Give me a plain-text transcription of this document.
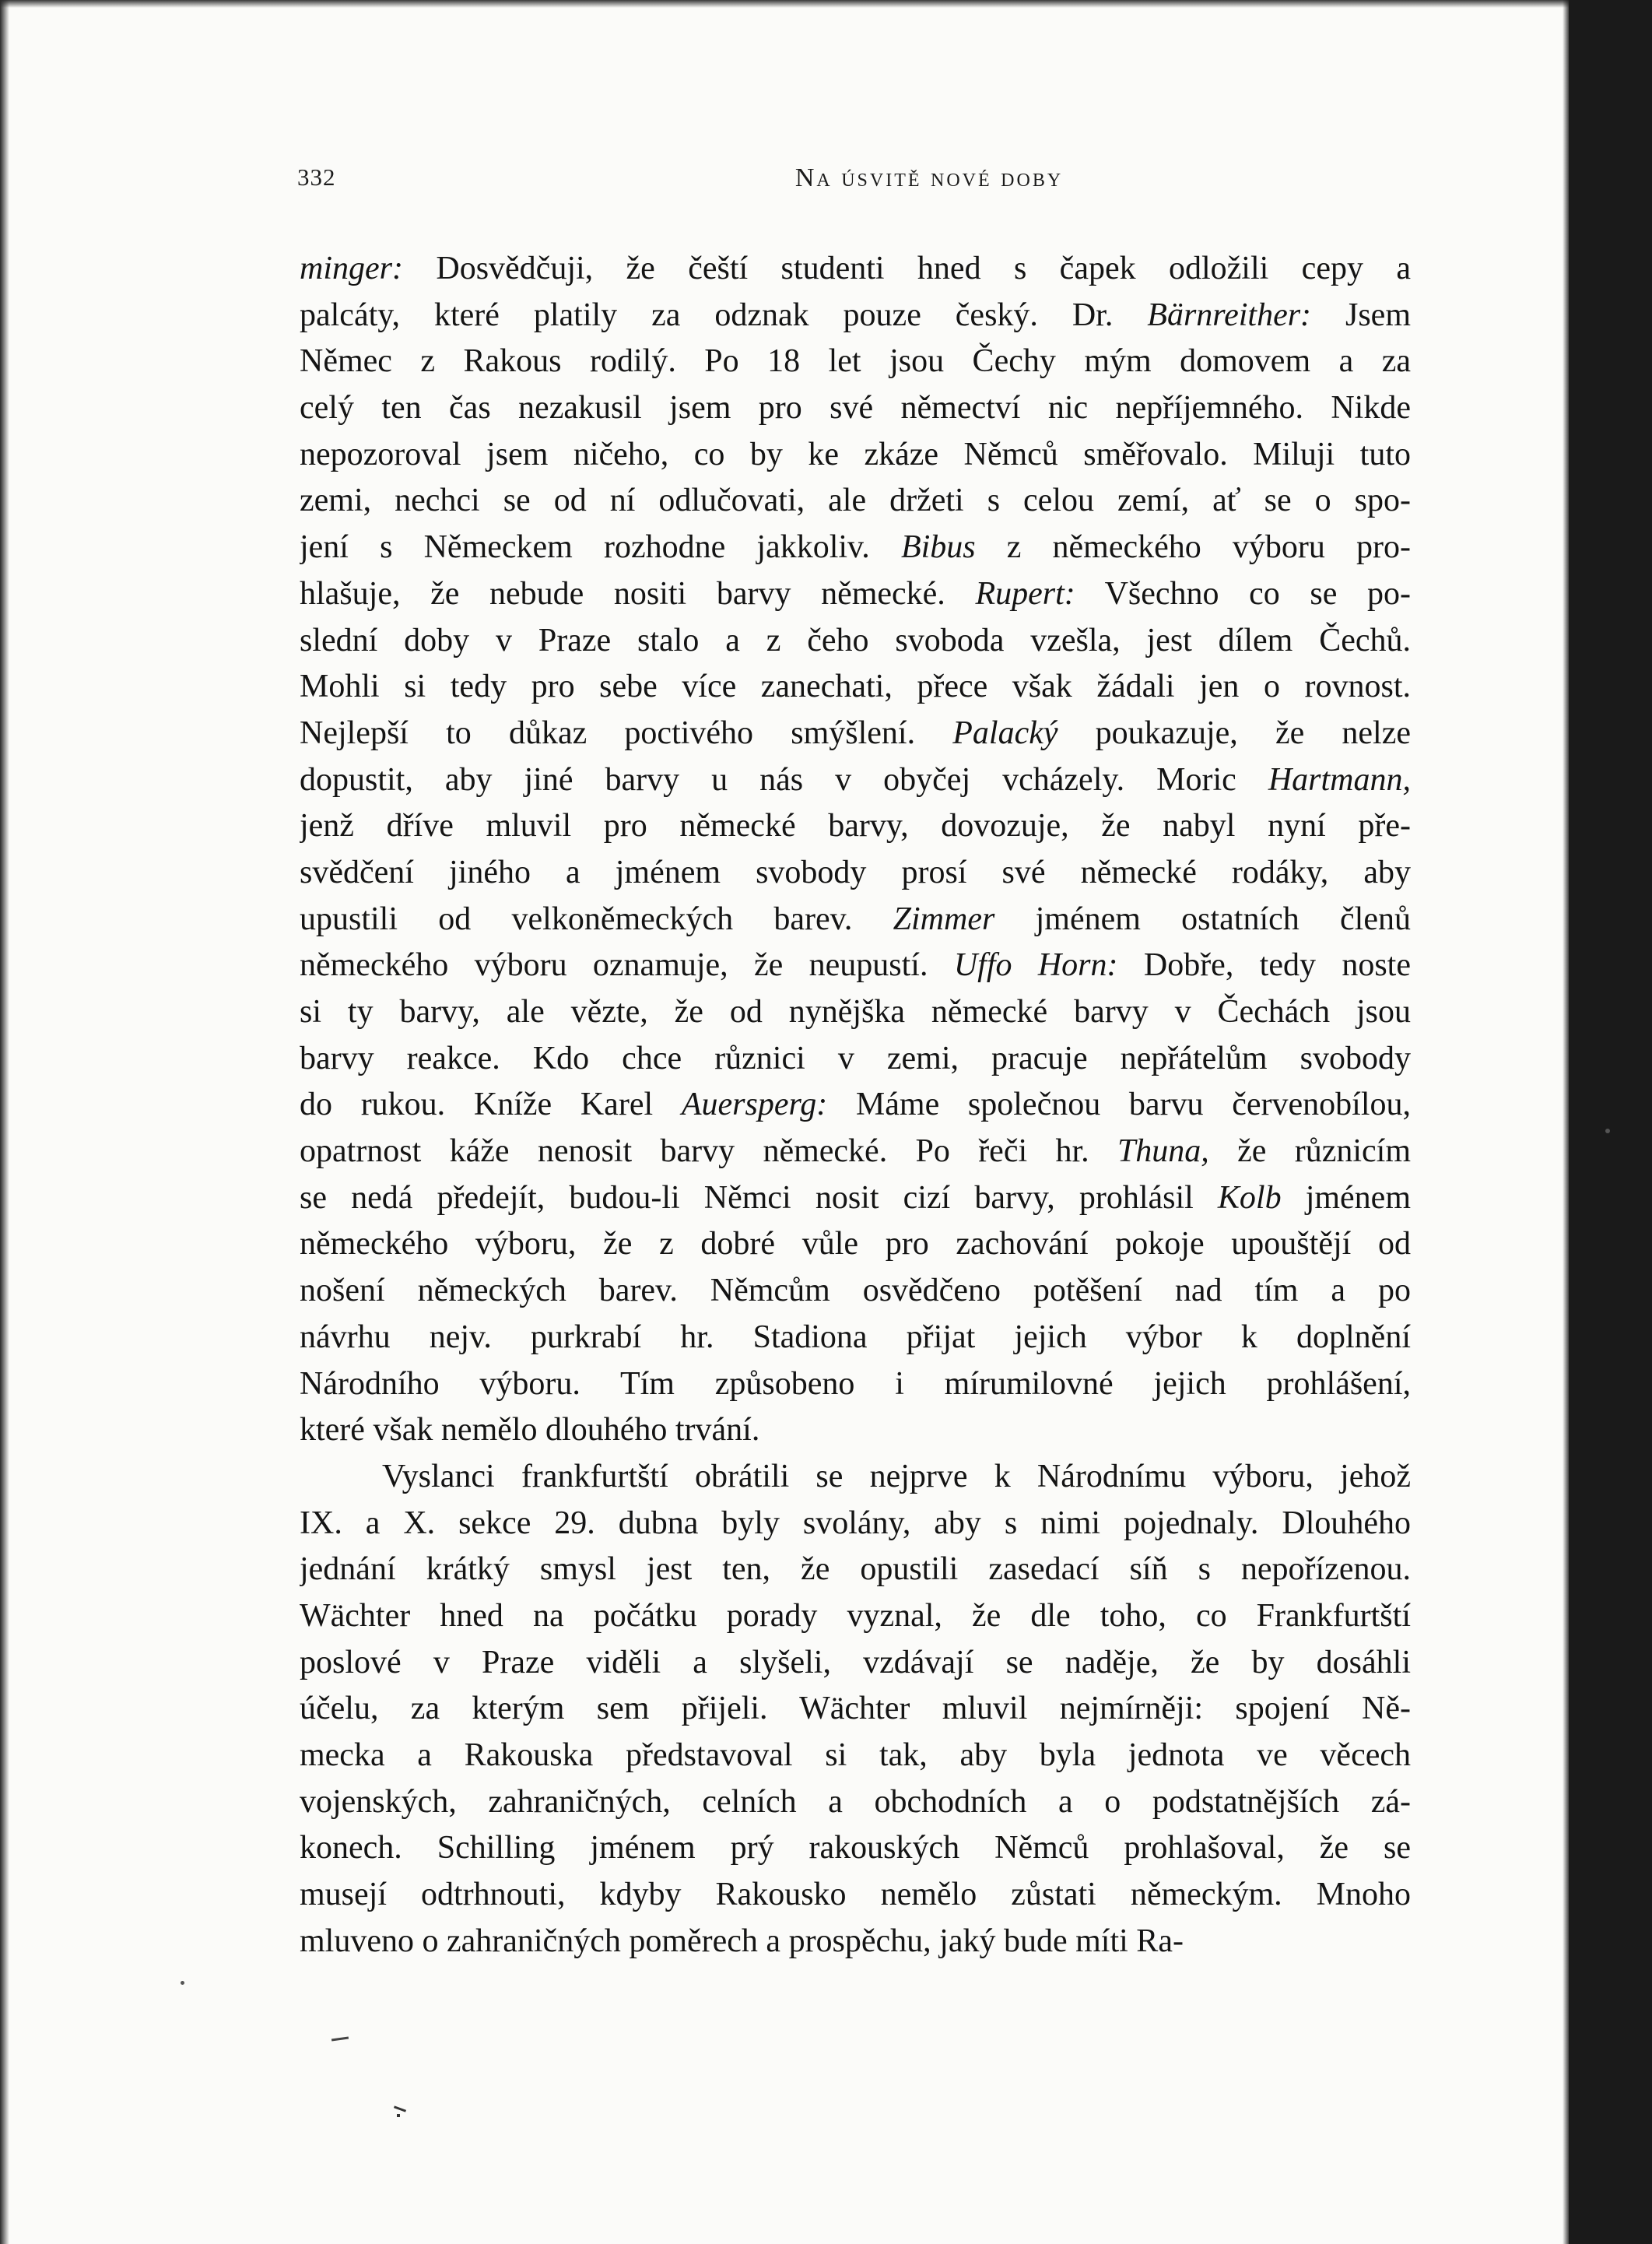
332	Na úsvitě nové doby

minger: Dosvědčuji, že čeští studenti hned s čapek odložili cepy a
palcáty, které platily za odznak pouze český. Dr. Bärnreither: Jsem
Němec z Rakous rodilý. Po 18 let jsou Čechy mým domovem a za
celý ten čas nezakusil jsem pro své němectví nic nepříjemného. Nikde
nepozoroval jsem ničeho, co by ke zkáze Němců směřovalo. Miluji tuto
zemi, nechci se od ní odlučovati, ale držeti s celou zemí, ať se o spo-
jení s Německem rozhodne jakkoliv. Bibus z německého výboru pro-
hlašuje, že nebude nositi barvy německé. Rupert: Všechno co se po-
slední doby v Praze stalo a z čeho svoboda vzešla, jest dílem Čechů.
Mohli si tedy pro sebe více zanechati, přece však žádali jen o rovnost.
Nejlepší to důkaz poctivého smýšlení. Palacký poukazuje, že nelze
dopustit, aby jiné barvy u nás v obyčej vcházely. Moric Hartmann,
jenž dříve mluvil pro německé barvy, dovozuje, že nabyl nyní pře-
svědčení jiného a jménem svobody prosí své německé rodáky, aby
upustili od velkoněmeckých barev. Zimmer jménem ostatních členů
německého výboru oznamuje, že neupustí. Uffo Horn: Dobře, tedy noste
si ty barvy, ale vězte, že od nynějška německé barvy v Čechách jsou
barvy reakce. Kdo chce různici v zemi, pracuje nepřátelům svobody
do rukou. Kníže Karel Auersperg: Máme společnou barvu červenobílou,
opatrnost káže nenosit barvy německé. Po řeči hr. Thuna, že různicím
se nedá předejít, budou-li Němci nosit cizí barvy, prohlásil Kolb jménem
německého výboru, že z dobré vůle pro zachování pokoje upouštějí od
nošení německých barev. Němcům osvědčeno potěšení nad tím a po
návrhu nejv. purkrabí hr. Stadiona přijat jejich výbor k doplnění
Národního výboru. Tím způsobeno i mírumilovné jejich prohlášení,
které však nemělo dlouhého trvání.

Vyslanci frankfurtští obrátili se nejprve k Národnímu výboru, jehož
IX. a X. sekce 29. dubna byly svolány, aby s nimi pojednaly. Dlouhého
jednání krátký smysl jest ten, že opustili zasedací síň s nepořízenou.
Wächter hned na počátku porady vyznal, že dle toho, co Frankfurtští
poslové v Praze viděli a slyšeli, vzdávají se naděje, že by dosáhli
účelu, za kterým sem přijeli. Wächter mluvil nejmírněji: spojení Ně-
mecka a Rakouska představoval si tak, aby byla jednota ve věcech
vojenských, zahraničných, celních a obchodních a o podstatnějších zá-
konech. Schilling jménem prý rakouských Němců prohlašoval, že se
musejí odtrhnouti, kdyby Rakousko nemělo zůstati německým. Mnoho
mluveno o zahraničných poměrech a prospěchu, jaký bude míti Ra-
